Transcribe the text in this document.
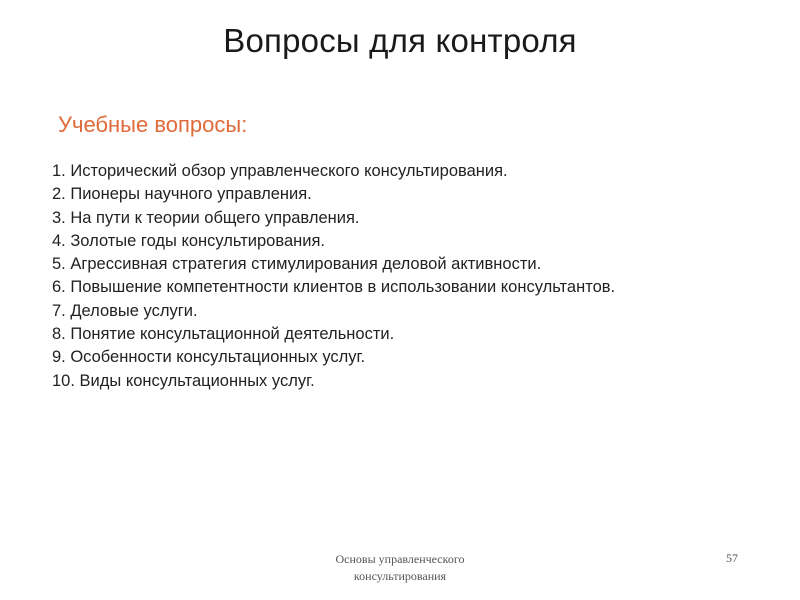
Вопросы для контроля
Учебные вопросы:
1. Исторический обзор управленческого консультирования.
2. Пионеры научного управления.
3. На пути к теории общего управления.
4. Золотые годы консультирования.
5. Агрессивная стратегия стимулирования деловой активности.
6. Повышение компетентности клиентов в использовании консультантов.
7. Деловые услуги.
8. Понятие консультационной деятельности.
9. Особенности консультационных услуг.
10. Виды консультационных услуг.
Основы управленческого
консультирования
57
